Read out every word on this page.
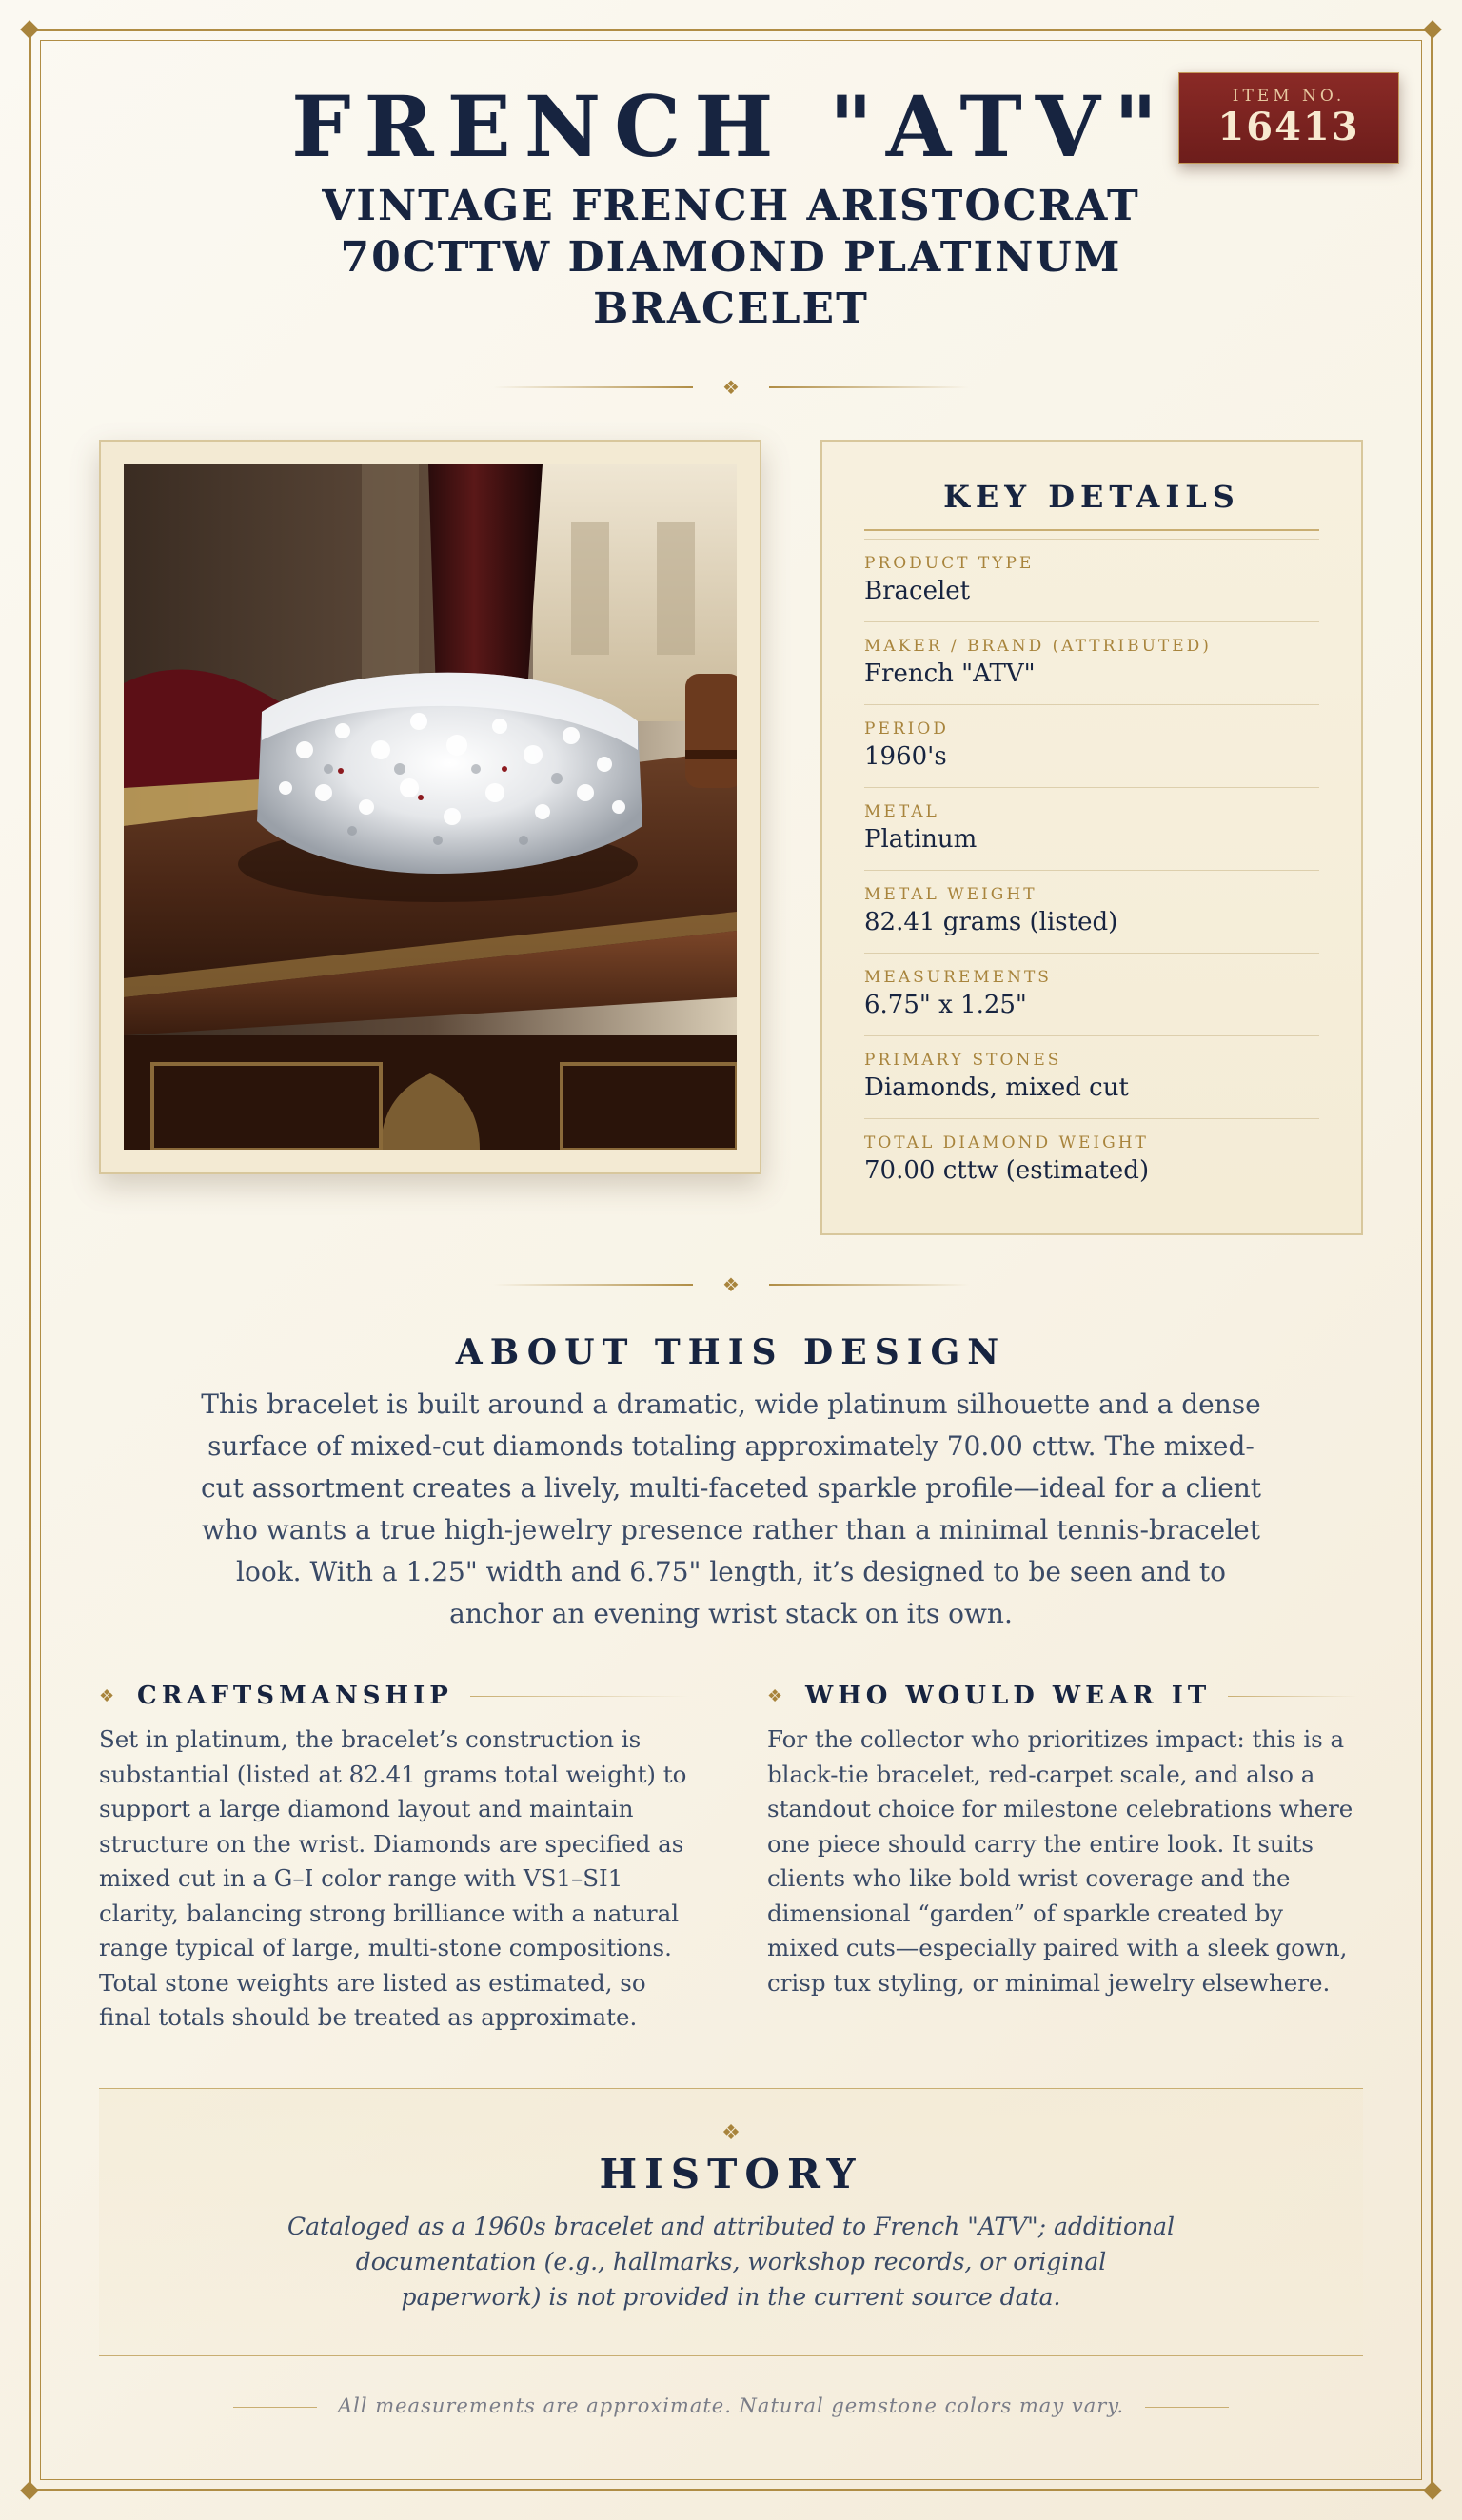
FRENCH "ATV"
VINTAGE FRENCH ARISTOCRAT 70CTTW DIAMOND PLATINUM BRACELET
ITEM NO.
16413
❖
KEY DETAILS
PRODUCT TYPE
Bracelet
MAKER / BRAND (ATTRIBUTED)
French "ATV"
PERIOD
1960's
METAL
Platinum
METAL WEIGHT
82.41 grams (listed)
MEASUREMENTS
6.75" x 1.25"
PRIMARY STONES
Diamonds, mixed cut
TOTAL DIAMOND WEIGHT
70.00 cttw (estimated)
❖
ABOUT THIS DESIGN

This bracelet is built around a dramatic, wide platinum silhouette and a dense surface of mixed-cut diamonds totaling approximately 70.00 cttw. The mixed-cut assortment creates a lively, multi-faceted sparkle profile—ideal for a client who wants a true high-jewelry presence rather than a minimal tennis-bracelet look. With a 1.25" width and 6.75" length, it’s designed to be seen and to anchor an evening wrist stack on its own.

❖ CRAFTSMANSHIP

Set in platinum, the bracelet’s construction is substantial (listed at 82.41 grams total weight) to support a large diamond layout and maintain structure on the wrist. Diamonds are specified as mixed cut in a G–I color range with VS1–SI1 clarity, balancing strong brilliance with a natural range typical of large, multi-stone compositions. Total stone weights are listed as estimated, so final totals should be treated as approximate.

❖ WHO WOULD WEAR IT

For the collector who prioritizes impact: this is a black-tie bracelet, red-carpet scale, and also a standout choice for milestone celebrations where one piece should carry the entire look. It suits clients who like bold wrist coverage and the dimensional “garden” of sparkle created by mixed cuts—especially paired with a sleek gown, crisp tux styling, or minimal jewelry elsewhere.

❖
HISTORY

Cataloged as a 1960s bracelet and attributed to French "ATV"; additional documentation (e.g., hallmarks, workshop records, or original paperwork) is not provided in the current source data.

All measurements are approximate. Natural gemstone colors may vary.
